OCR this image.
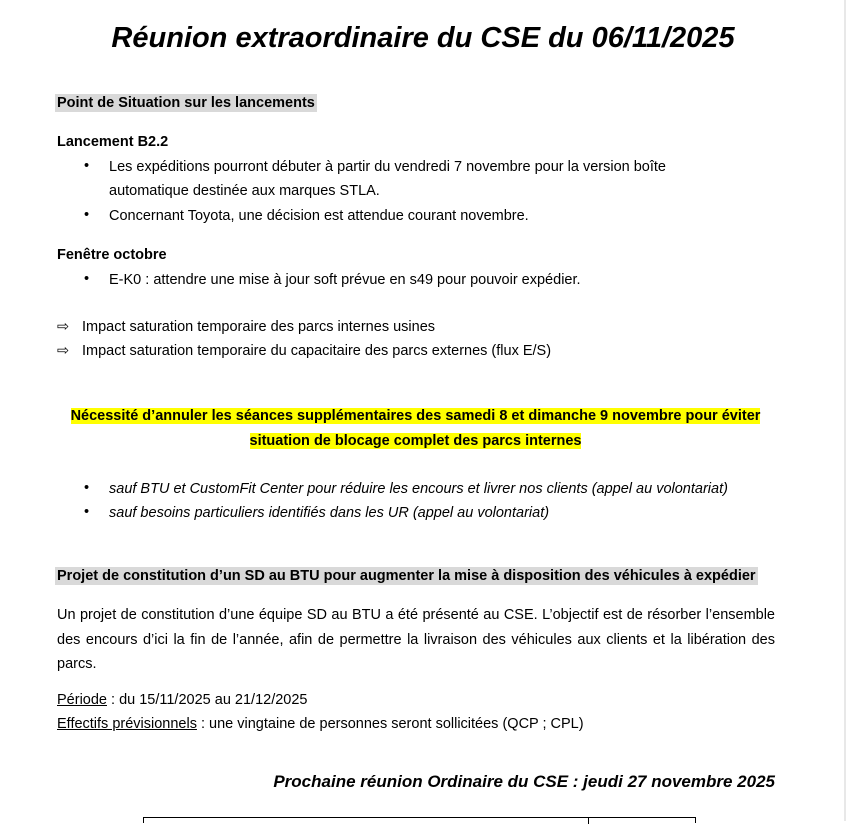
Réunion extraordinaire du CSE du 06/11/2025
Point de Situation sur les lancements
Lancement B2.2
• Les expéditions pourront débuter à partir du vendredi 7 novembre pour la version boîte
automatique destinée aux marques STLA.
• Concernant Toyota, une décision est attendue courant novembre.
Fenêtre octobre
• E-K0 : attendre une mise à jour soft prévue en s49 pour pouvoir expédier.
⇨ Impact saturation temporaire des parcs internes usines
⇨ Impact saturation temporaire du capacitaire des parcs externes (flux E/S)
Nécessité d’annuler les séances supplémentaires des samedi 8 et dimanche 9 novembre pour éviter
situation de blocage complet des parcs internes
• sauf BTU et CustomFit Center pour réduire les encours et livrer nos clients (appel au volontariat)
• sauf besoins particuliers identifiés dans les UR (appel au volontariat)
Projet de constitution d’un SD au BTU pour augmenter la mise à disposition des véhicules à expédier
Un projet de constitution d’une équipe SD au BTU a été présenté au CSE. L’objectif est de résorber l’ensemble des encours d’ici la fin de l’année, afin de permettre la livraison des véhicules aux clients et la libération des parcs.
Période : du 15/11/2025 au 21/12/2025
Effectifs prévisionnels : une vingtaine de personnes seront sollicitées (QCP ; CPL)
Prochaine réunion Ordinaire du CSE : jeudi 27 novembre 2025
